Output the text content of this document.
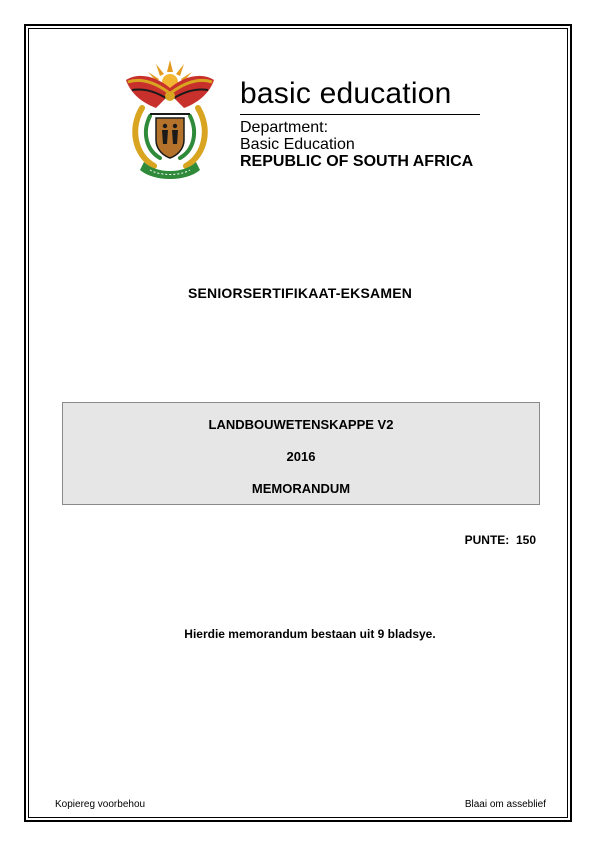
basic education
Department:
Basic Education
REPUBLIC OF SOUTH AFRICA
SENIORSERTIFIKAAT-EKSAMEN
LANDBOUWETENSKAPPE V2
2016
MEMORANDUM
PUNTE: 150
Hierdie memorandum bestaan uit 9 bladsye.
Kopiereg voorbehou	Blaai om asseblief
